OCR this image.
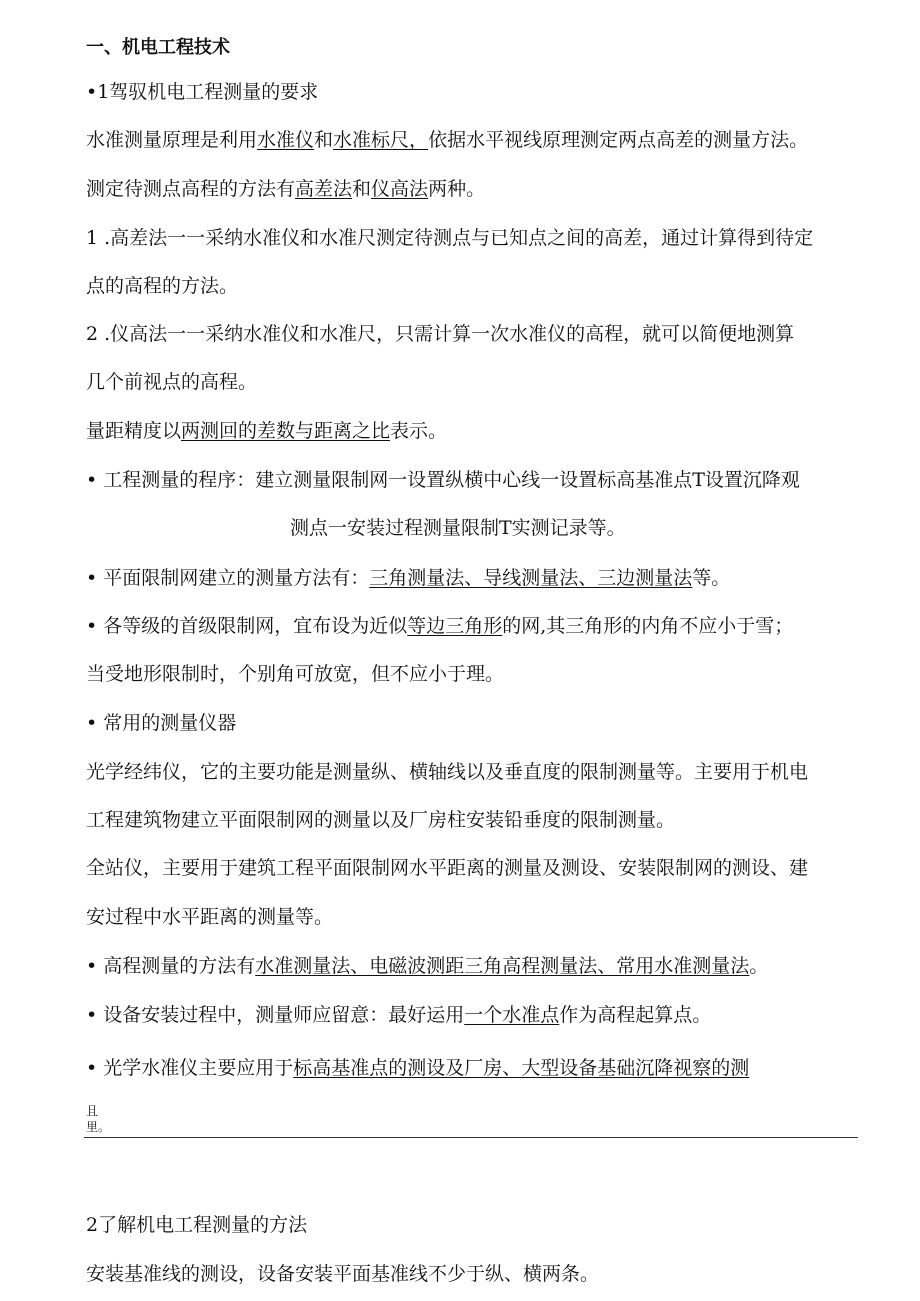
一、机电工程技术
•1驾驭机电工程测量的要求
水准测量原理是利用水准仪和水准标尺，依据水平视线原理测定两点高差的测量方法。
测定待测点高程的方法有高差法和仪高法两种。
1 .高差法一一采纳水准仪和水准尺测定待测点与已知点之间的高差，通过计算得到待定
点的高程的方法。
2 .仪高法一一采纳水准仪和水准尺，只需计算一次水准仪的高程，就可以简便地测算
几个前视点的高程。
量距精度以两测回的差数与距离之比表示。
• 工程测量的程序：建立测量限制网一设置纵横中心线一设置标高基准点T设置沉降观
测点一安装过程测量限制T实测记录等。
• 平面限制网建立的测量方法有：三角测量法、导线测量法、三边测量法等。
• 各等级的首级限制网，宜布设为近似等边三角形的网,其三角形的内角不应小于雪；
当受地形限制时，个别角可放宽，但不应小于理。
• 常用的测量仪器
光学经纬仪，它的主要功能是测量纵、横轴线以及垂直度的限制测量等。主要用于机电
工程建筑物建立平面限制网的测量以及厂房柱安装铅垂度的限制测量。
全站仪，主要用于建筑工程平面限制网水平距离的测量及测设、安装限制网的测设、建
安过程中水平距离的测量等。
• 高程测量的方法有水准测量法、电磁波测距三角高程测量法、常用水准测量法。
• 设备安装过程中，测量师应留意：最好运用一个水准点作为高程起算点。
• 光学水准仪主要应用于标高基准点的测设及厂房、大型设备基础沉降视察的测
且
里。
2了解机电工程测量的方法
安装基准线的测设，设备安装平面基准线不少于纵、横两条。
